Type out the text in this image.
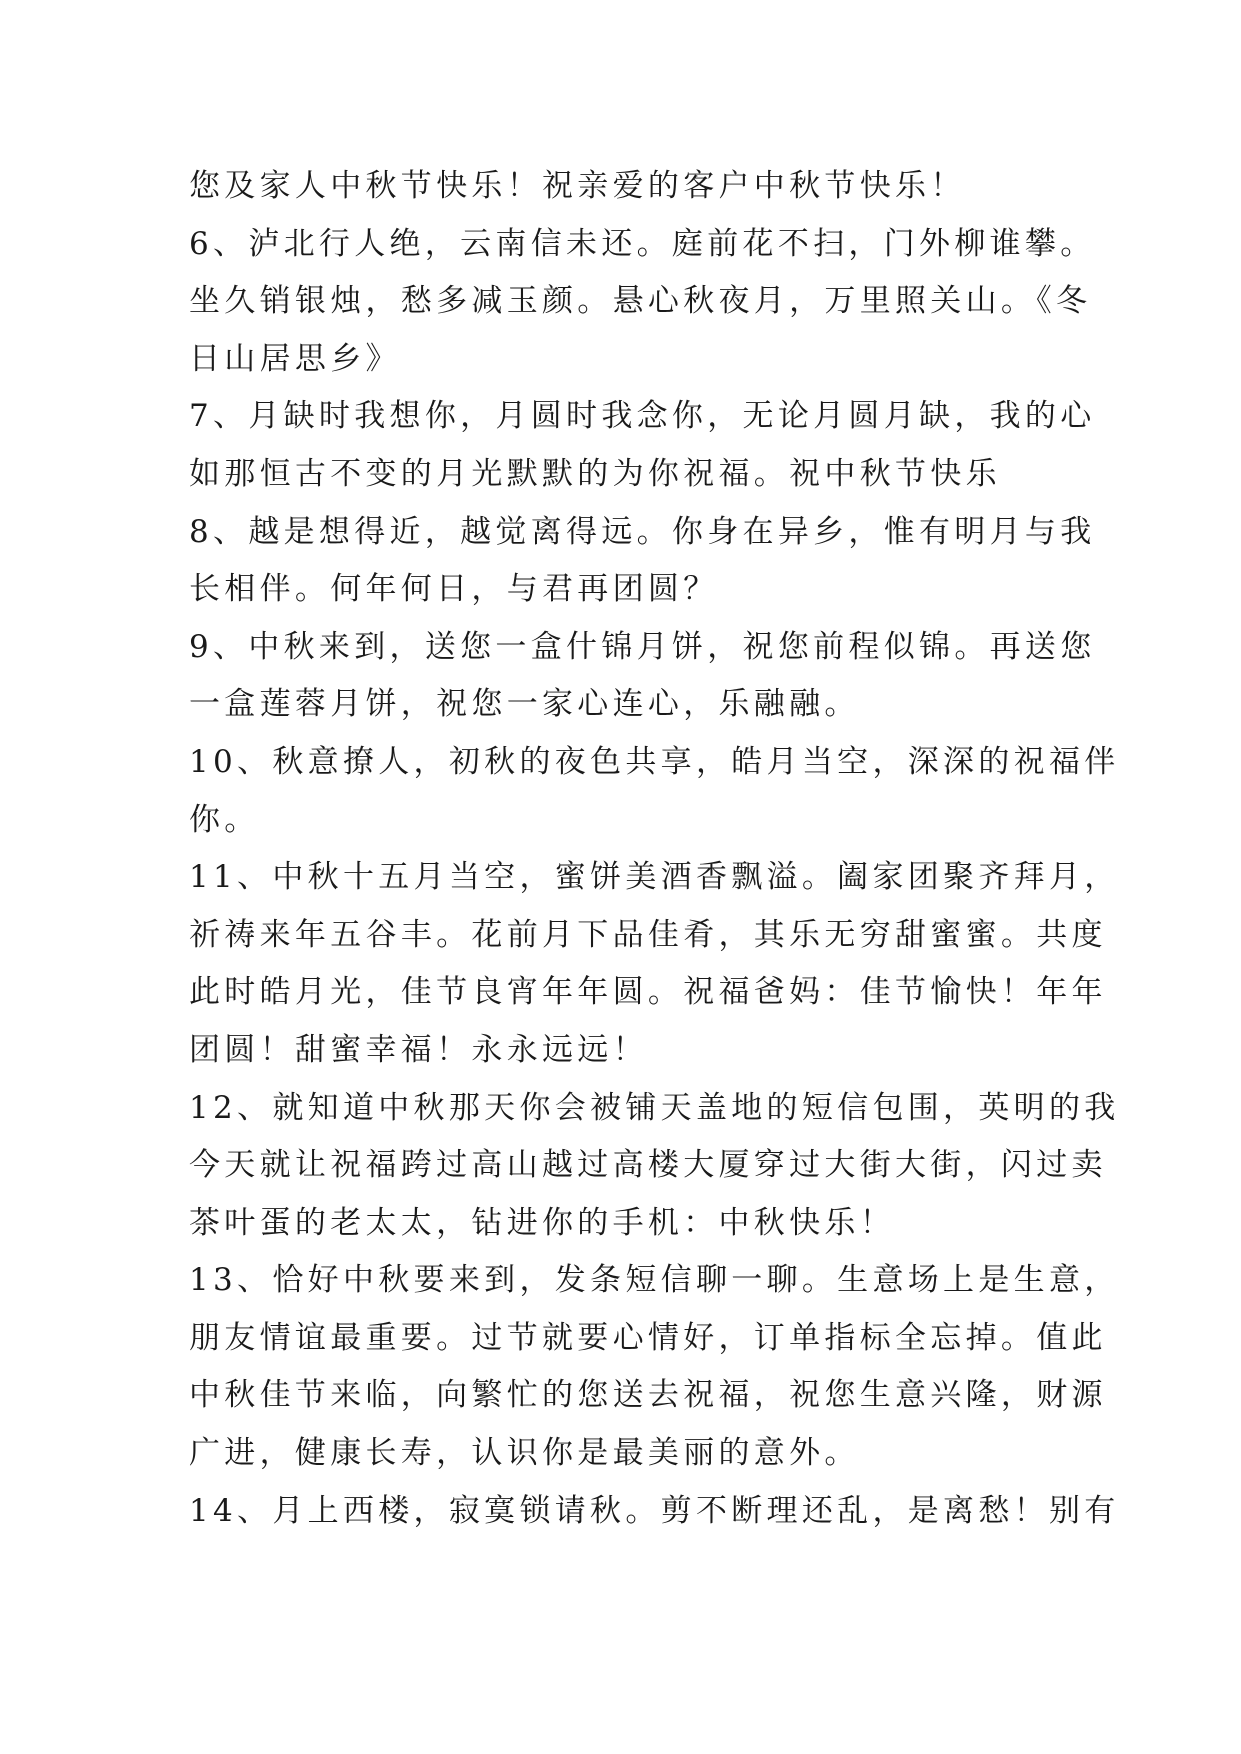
您及家人中秋节快乐！祝亲爱的客户中秋节快乐！
6、泸北行人绝，云南信未还。庭前花不扫，门外柳谁攀。
坐久销银烛，愁多减玉颜。悬心秋夜月，万里照关山。《冬
日山居思乡》
7、月缺时我想你，月圆时我念你，无论月圆月缺，我的心
如那恒古不变的月光默默的为你祝福。祝中秋节快乐
8、越是想得近，越觉离得远。你身在异乡，惟有明月与我
长相伴。何年何日，与君再团圆？
9、中秋来到，送您一盒什锦月饼，祝您前程似锦。再送您
一盒莲蓉月饼，祝您一家心连心，乐融融。
10、秋意撩人，初秋的夜色共享，皓月当空，深深的祝福伴
你。
11、中秋十五月当空，蜜饼美酒香飘溢。阖家团聚齐拜月，
祈祷来年五谷丰。花前月下品佳肴，其乐无穷甜蜜蜜。共度
此时皓月光，佳节良宵年年圆。祝福爸妈：佳节愉快！年年
团圆！甜蜜幸福！永永远远！
12、就知道中秋那天你会被铺天盖地的短信包围，英明的我
今天就让祝福跨过高山越过高楼大厦穿过大街大街，闪过卖
茶叶蛋的老太太，钻进你的手机：中秋快乐！
13、恰好中秋要来到，发条短信聊一聊。生意场上是生意，
朋友情谊最重要。过节就要心情好，订单指标全忘掉。值此
中秋佳节来临，向繁忙的您送去祝福，祝您生意兴隆，财源
广进，健康长寿，认识你是最美丽的意外。
14、月上西楼，寂寞锁请秋。剪不断理还乱，是离愁！别有
